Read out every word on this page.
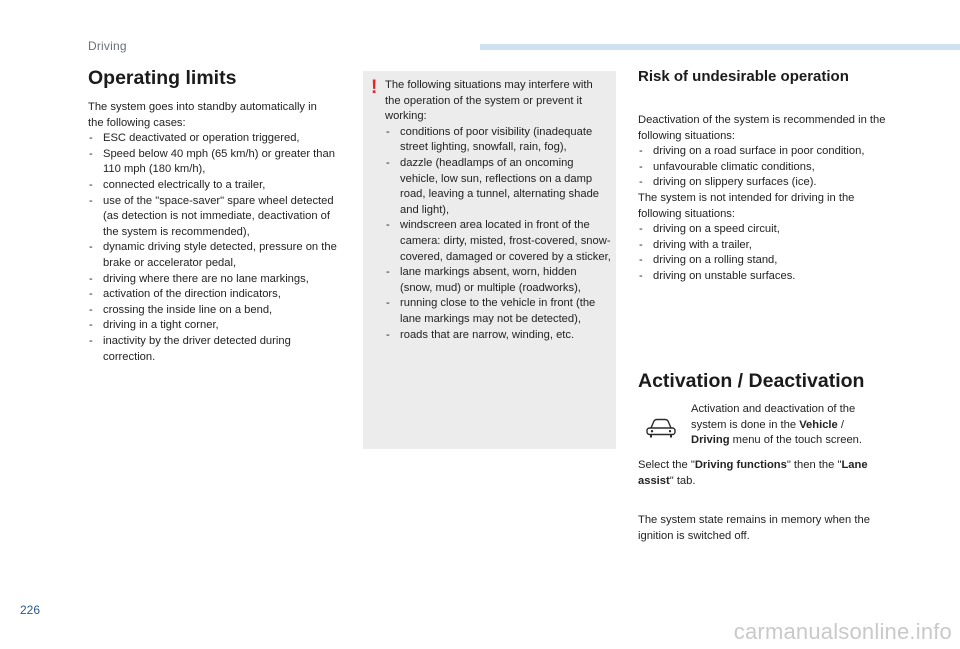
Driving
Operating limits

The system goes into standby automatically in

the following cases:

- ESC deactivated or operation triggered,
- Speed below 40 mph (65 km/h) or greater than 110 mph (180 km/h),
- connected electrically to a trailer,
- use of the "space-saver" spare wheel detected (as detection is not immediate, deactivation of the system is recommended),
- dynamic driving style detected, pressure on the brake or accelerator pedal,
- driving where there are no lane markings,
- activation of the direction indicators,
- crossing the inside line on a bend,
- driving in a tight corner,
- inactivity by the driver detected during correction.
! The following situations may interfere with the operation of the system or prevent it working:

- conditions of poor visibility (inadequate street lighting, snowfall, rain, fog),
- dazzle (headlamps of an oncoming vehicle, low sun, reflections on a damp road, leaving a tunnel, alternating shade and light),
- windscreen area located in front of the camera: dirty, misted, frost-covered, snow-covered, damaged or covered by a sticker,
- lane markings absent, worn, hidden (snow, mud) or multiple (roadworks),
- running close to the vehicle in front (the lane markings may not be detected),
- roads that are narrow, winding, etc.
Risk of undesirable operation

Deactivation of the system is recommended in the following situations:

- driving on a road surface in poor condition,
- unfavourable climatic conditions,
- driving on slippery surfaces (ice).

The system is not intended for driving in the following situations:

- driving on a speed circuit,
- driving with a trailer,
- driving on a rolling stand,
- driving on unstable surfaces.
Activation / Deactivation

Activation and deactivation of the

system is done in the Vehicle /

Driving menu of the touch screen.

Select the "Driving functions" then the "Lane assist" tab.
The system state remains in memory when the ignition is switched off.
226
carmanualsonline.info
